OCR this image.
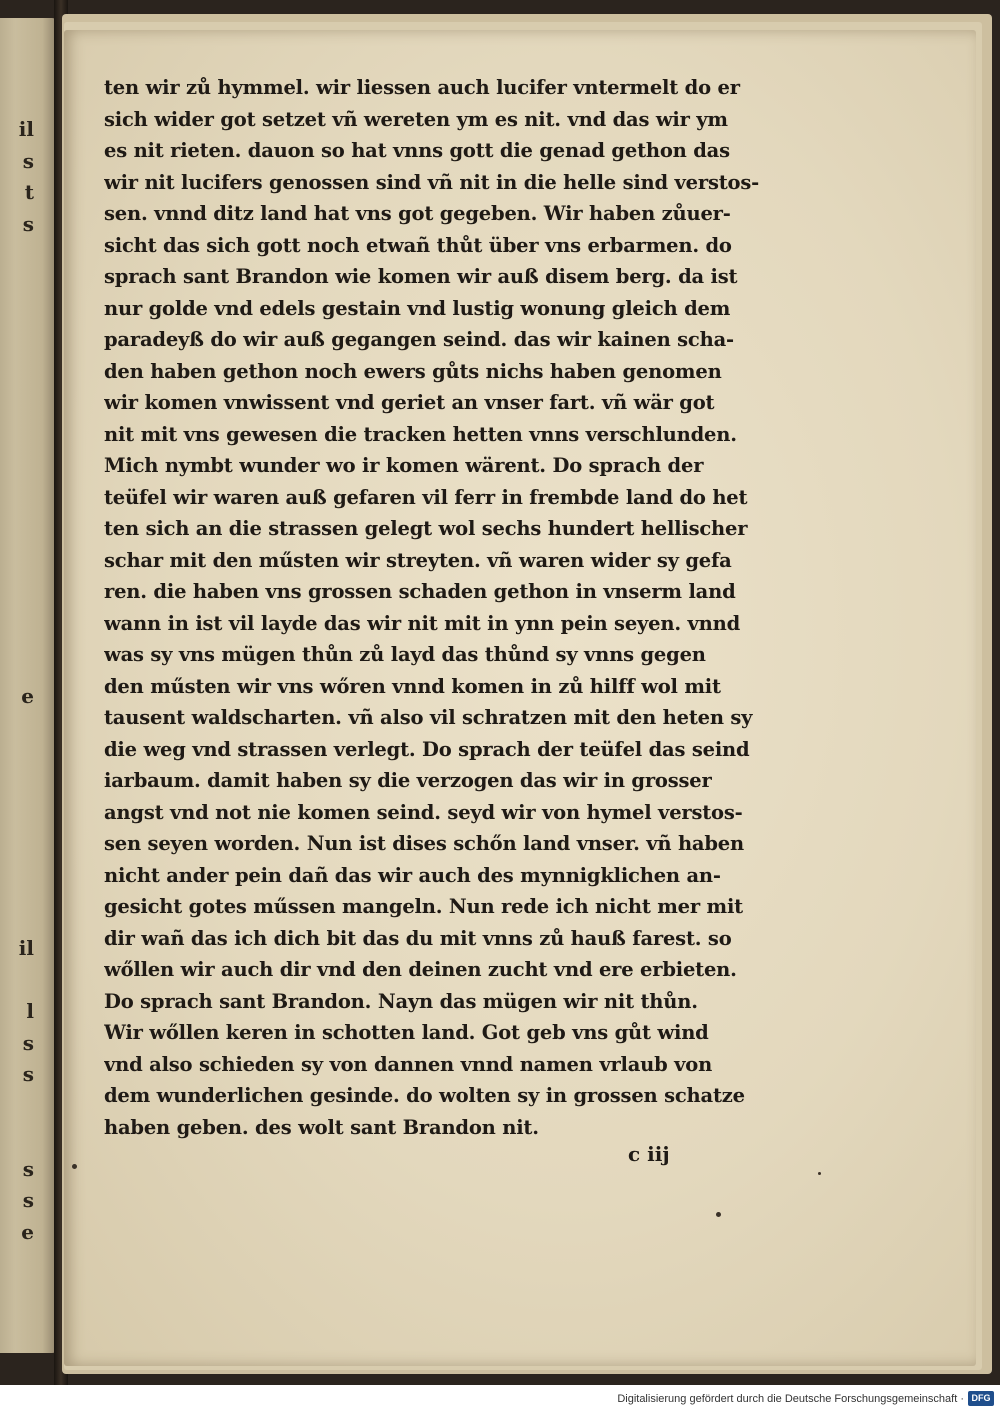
il
s
t
s
e
il
l
s
s
s
s
e
ten wir zů hymmel. wir liessen auch lucifer vntermelt do er
sich wider got setzet vñ wereten ym es nit. vnd das wir ym
es nit rieten. dauon so hat vnns gott die genad gethon das
wir nit lucifers genossen sind vñ nit in die helle sind verstos-
sen. vnnd ditz land hat vns got gegeben. Wir haben zůuer-
sicht das sich gott noch etwañ thůt über vns erbarmen. do
sprach sant Brandon wie komen wir auß disem berg. da ist
nur golde vnd edels gestain vnd lustig wonung gleich dem
paradeyß do wir auß gegangen seind. das wir kainen scha-
den haben gethon noch ewers gůts nichs haben genomen
wir komen vnwissent vnd geriet an vnser fart. vñ wär got
nit mit vns gewesen die tracken hetten vnns verschlunden.
Mich nymbt wunder wo ir komen wärent. Do sprach der
teüfel wir waren auß gefaren vil ferr in frembde land do het
ten sich an die strassen gelegt wol sechs hundert hellischer
schar mit den műsten wir streyten. vñ waren wider sy gefa
ren. die haben vns grossen schaden gethon in vnserm land
wann in ist vil layde das wir nit mit in ynn pein seyen. vnnd
was sy vns mügen thůn zů layd das thůnd sy vnns gegen
den műsten wir vns wőren vnnd komen in zů hilff wol mit
tausent waldscharten. vñ also vil schratzen mit den heten sy
die weg vnd strassen verlegt. Do sprach der teüfel das seind
iarbaum. damit haben sy die verzogen das wir in grosser
angst vnd not nie komen seind. seyd wir von hymel verstos-
sen seyen worden. Nun ist dises schőn land vnser. vñ haben
nicht ander pein dañ das wir auch des mynnigklichen an-
gesicht gotes műssen mangeln. Nun rede ich nicht mer mit
dir wañ das ich dich bit das du mit vnns zů hauß farest. so
wőllen wir auch dir vnd den deinen zucht vnd ere erbieten.
Do sprach sant Brandon. Nayn das mügen wir nit thůn.
Wir wőllen keren in schotten land. Got geb vns gůt wind
vnd also schieden sy von dannen vnnd namen vrlaub von
dem wunderlichen gesinde. do wolten sy in grossen schatze
haben geben. des wolt sant Brandon nit.
c iij
Digitalisierung gefördert durch die Deutsche Forschungsgemeinschaft · DFG
